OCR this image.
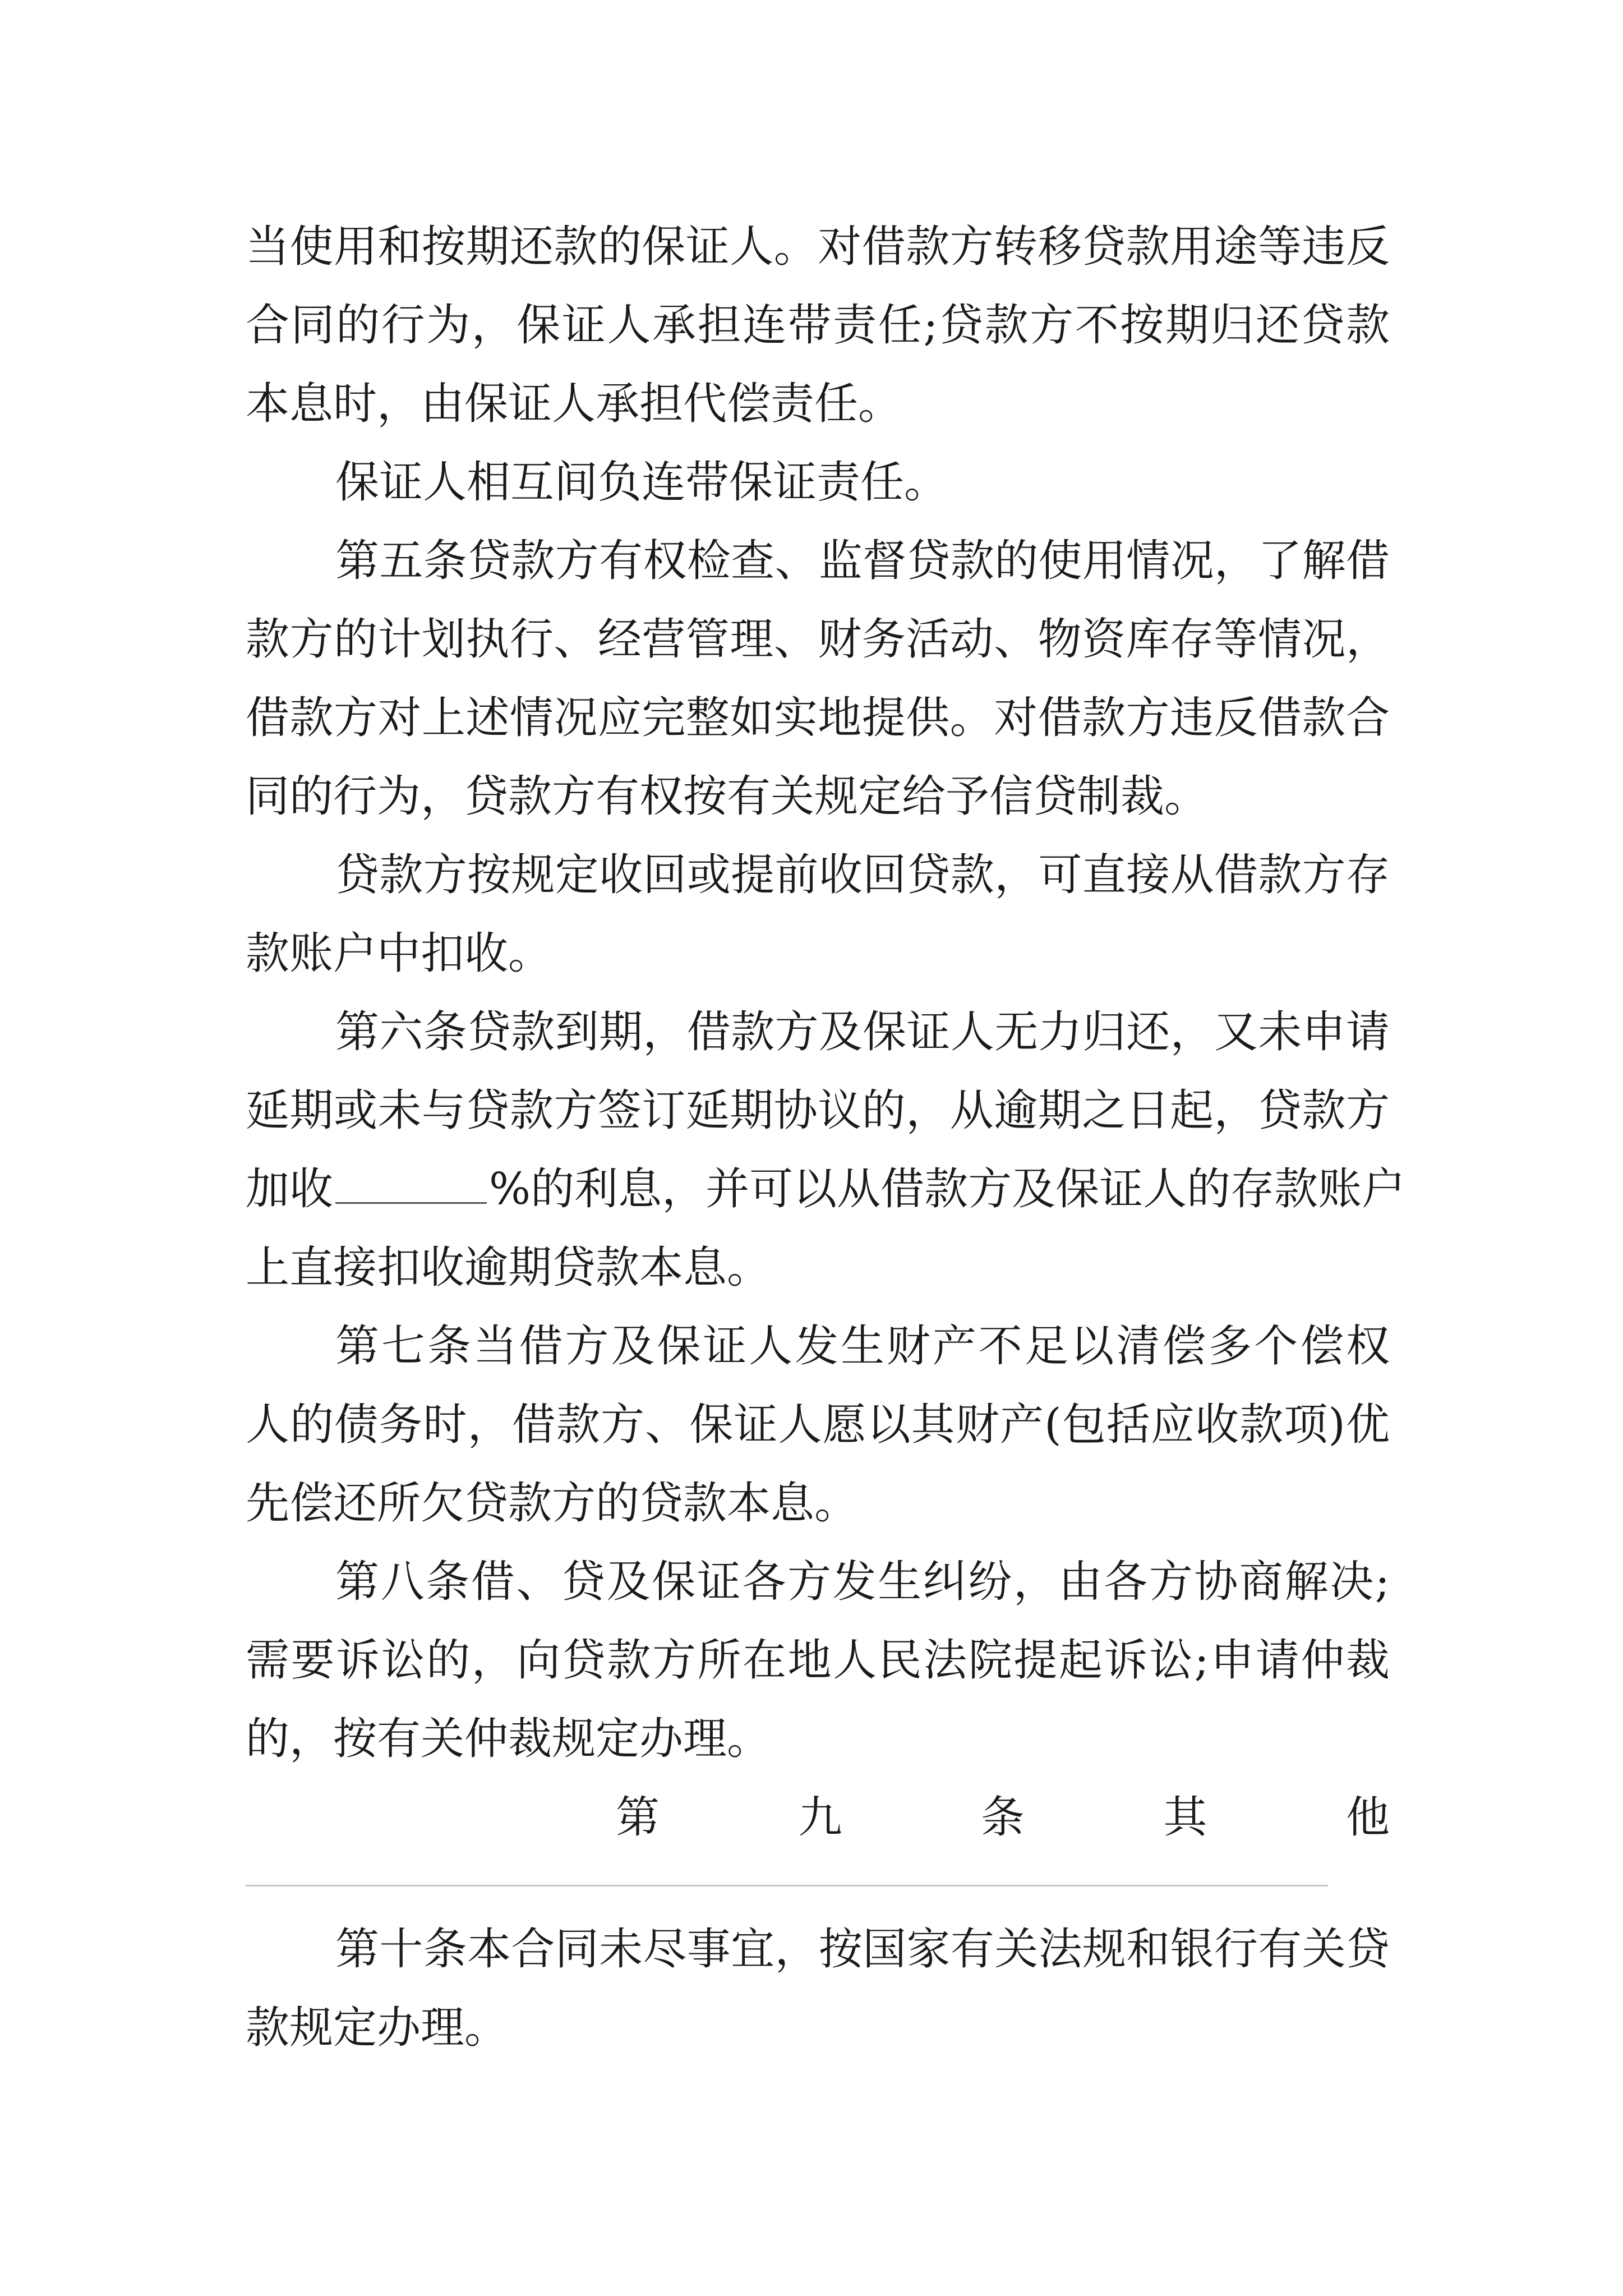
当使用和按期还款的保证人。对借款方转移贷款用途等违反
合同的行为，保证人承担连带责任;贷款方不按期归还贷款
本息时，由保证人承担代偿责任。
保证人相互间负连带保证责任。
第五条贷款方有权检查、监督贷款的使用情况，了解借
款方的计划执行、经营管理、财务活动、物资库存等情况，
借款方对上述情况应完整如实地提供。对借款方违反借款合
同的行为，贷款方有权按有关规定给予信贷制裁。
贷款方按规定收回或提前收回贷款，可直接从借款方存
款账户中扣收。
第六条贷款到期，借款方及保证人无力归还，又未申请
延期或未与贷款方签订延期协议的，从逾期之日起，贷款方
加收	%的利息，并可以从借款方及保证人的存款账户
上直接扣收逾期贷款本息。
第七条当借方及保证人发生财产不足以清偿多个偿权
人的债务时，借款方、保证人愿以其财产(包括应收款项)优
先偿还所欠贷款方的贷款本息。
第八条借、贷及保证各方发生纠纷，由各方协商解决;
需要诉讼的，向贷款方所在地人民法院提起诉讼;申请仲裁
的，按有关仲裁规定办理。
第	九	条	其	他
第十条本合同未尽事宜，按国家有关法规和银行有关贷
款规定办理。
